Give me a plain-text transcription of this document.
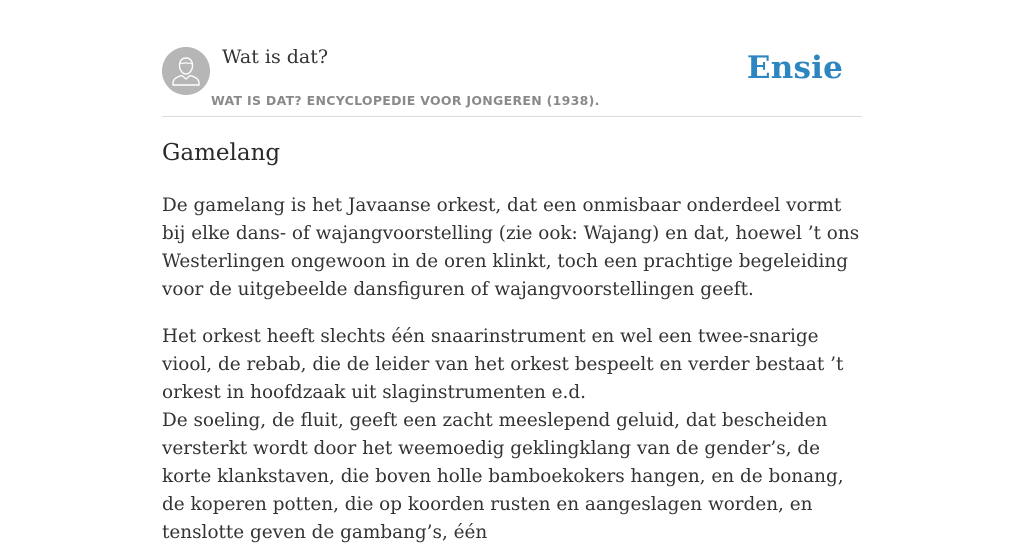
Wat is dat?
WAT IS DAT? ENCYCLOPEDIE VOOR JONGEREN (1938).
Ensie
Gamelang

De gamelang is het Javaanse orkest, dat een onmisbaar onderdeel vormt bij elke dans- of wajangvoorstelling (zie ook: Wajang) en dat, hoewel ’t ons Westerlingen ongewoon in de oren klinkt, toch een prachtige begeleiding voor de uitgebeelde dansfiguren of wajangvoorstellingen geeft.

Het orkest heeft slechts één snaarinstrument en wel een twee-snarige viool, de rebab, die de leider van het orkest bespeelt en verder bestaat ’t orkest in hoofdzaak uit slaginstrumenten e.d.
De soeling, de fluit, geeft een zacht meeslepend geluid, dat bescheiden versterkt wordt door het weemoedig geklingklang van de gender’s, de korte klankstaven, die boven holle bamboekokers hangen, en de bonang, de koperen potten, die op koorden rusten en aangeslagen worden, en tenslotte geven de gambang’s, één
